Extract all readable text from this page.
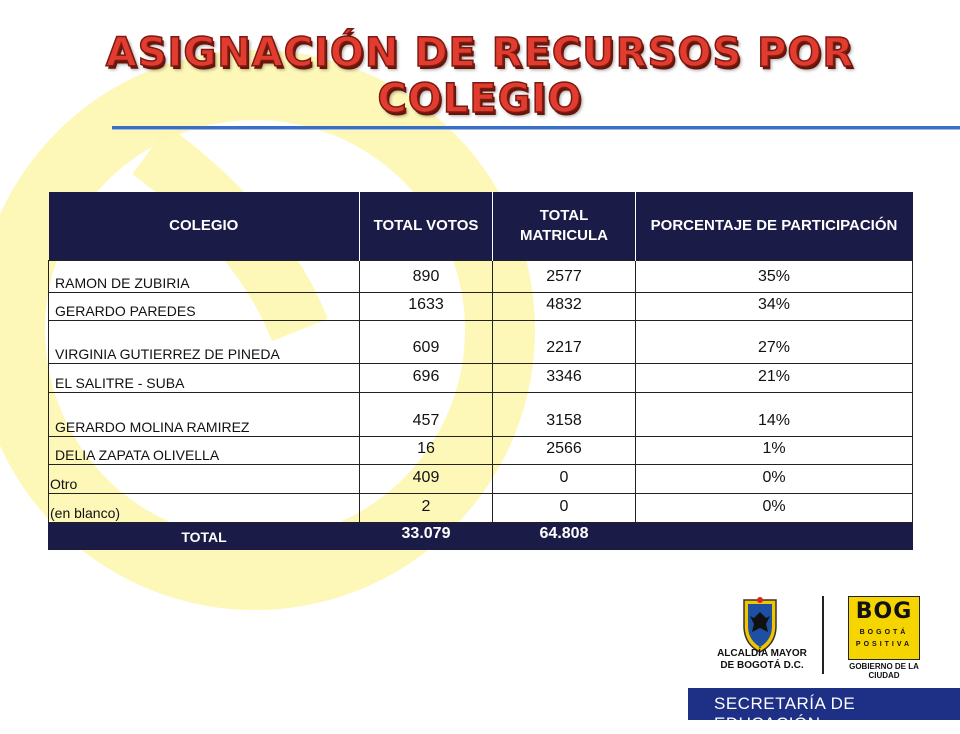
ASIGNACIÓN DE RECURSOS POR COLEGIO
COLEGIO	TOTAL VOTOS	TOTAL MATRICULA	PORCENTAJE DE PARTICIPACIÓN
RAMON DE ZUBIRIA	890	2577	35%
GERARDO PAREDES	1633	4832	34%
VIRGINIA GUTIERREZ DE PINEDA	609	2217	27%
EL SALITRE - SUBA	696	3346	21%
GERARDO MOLINA RAMIREZ	457	3158	14%
DELIA ZAPATA OLIVELLA	16	2566	1%
Otro	409	0	0%
(en blanco)	2	0	0%
TOTAL	33.079	64.808	
ALCALDÍA MAYOR
DE BOGOTÁ D.C.
BOG
BOGOTÁ
POSITIVA
GOBIERNO DE LA CIUDAD
SECRETARÍA DE EDUCACIÓN
